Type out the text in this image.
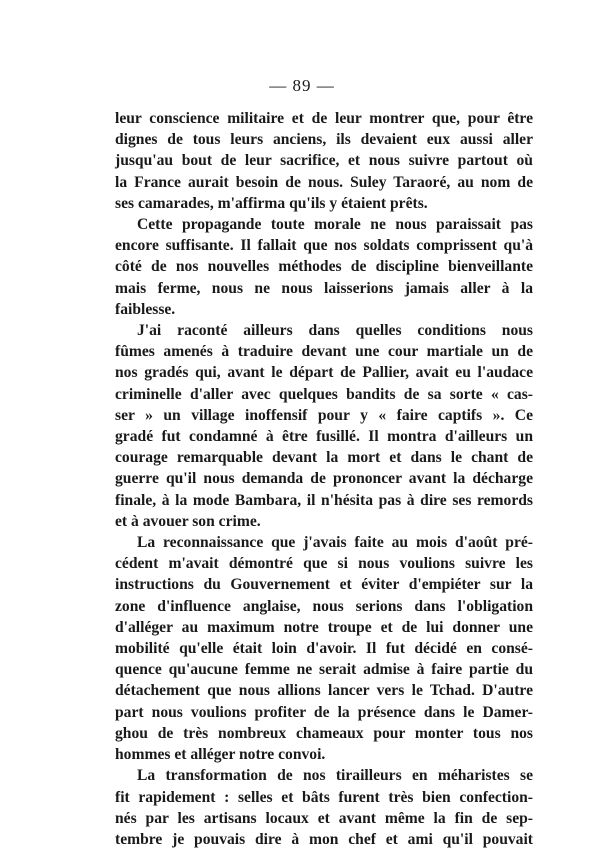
— 89 —
leur conscience militaire et de leur montrer que, pour être
dignes de tous leurs anciens, ils devaient eux aussi aller
jusqu'au bout de leur sacrifice, et nous suivre partout où
la France aurait besoin de nous. Suley Taraoré, au nom de
ses camarades, m'affirma qu'ils y étaient prêts.
Cette propagande toute morale ne nous paraissait pas
encore suffisante. Il fallait que nos soldats comprissent qu'à
côté de nos nouvelles méthodes de discipline bienveillante
mais ferme, nous ne nous laisserions jamais aller à la
faiblesse.
J'ai raconté ailleurs dans quelles conditions nous
fûmes amenés à traduire devant une cour martiale un de
nos gradés qui, avant le départ de Pallier, avait eu l'audace
criminelle d'aller avec quelques bandits de sa sorte « cas-
ser » un village inoffensif pour y « faire captifs ». Ce
gradé fut condamné à être fusillé. Il montra d'ailleurs un
courage remarquable devant la mort et dans le chant de
guerre qu'il nous demanda de prononcer avant la décharge
finale, à la mode Bambara, il n'hésita pas à dire ses remords
et à avouer son crime.
La reconnaissance que j'avais faite au mois d'août pré-
cédent m'avait démontré que si nous voulions suivre les
instructions du Gouvernement et éviter d'empiéter sur la
zone d'influence anglaise, nous serions dans l'obligation
d'alléger au maximum notre troupe et de lui donner une
mobilité qu'elle était loin d'avoir. Il fut décidé en consé-
quence qu'aucune femme ne serait admise à faire partie du
détachement que nous allions lancer vers le Tchad. D'autre
part nous voulions profiter de la présence dans le Damer-
ghou de très nombreux chameaux pour monter tous nos
hommes et alléger notre convoi.
La transformation de nos tirailleurs en méharistes se
fit rapidement : selles et bâts furent très bien confection-
nés par les artisans locaux et avant même la fin de sep-
tembre je pouvais dire à mon chef et ami qu'il pouvait
